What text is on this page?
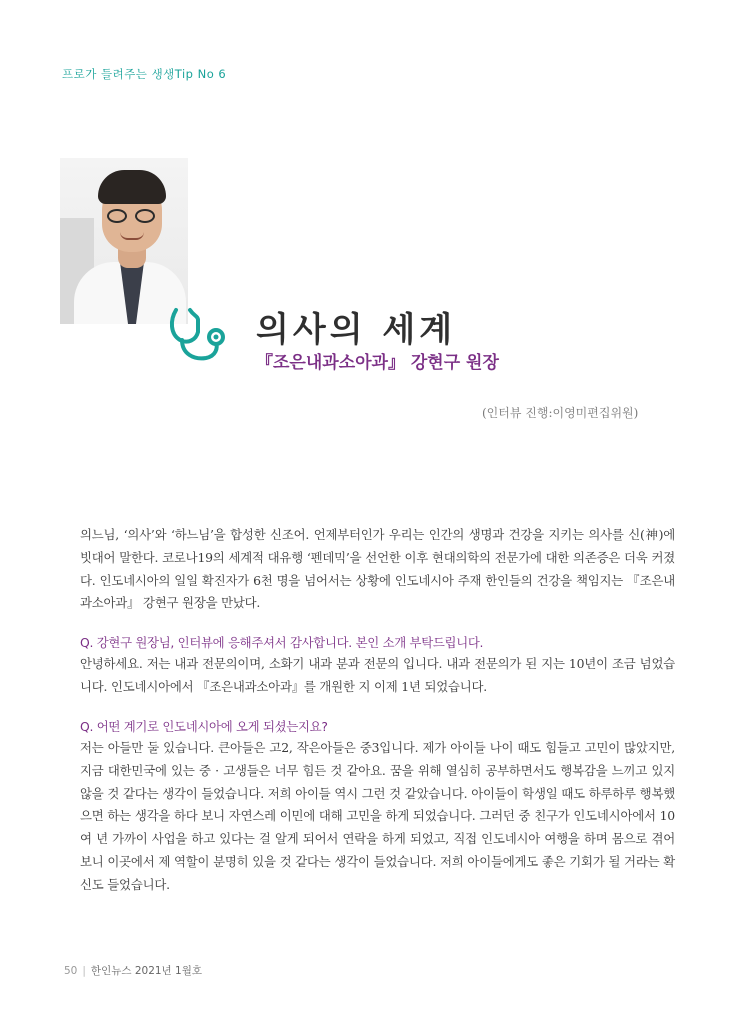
프로가 들려주는 생생Tip No 6
의사의 세계
『조은내과소아과』 강현구 원장
(인터뷰 진행:이영미편집위원)

의느님, ‘의사’와 ‘하느님’을 합성한 신조어. 언제부터인가 우리는 인간의 생명과 건강을 지키는 의사를 신(神)에 빗대어 말한다. 코로나19의 세계적 대유행 ‘펜데믹’을 선언한 이후 현대의학의 전문가에 대한 의존증은 더욱 커졌다. 인도네시아의 일일 확진자가 6천 명을 넘어서는 상황에 인도네시아 주재 한인들의 건강을 책임지는 『조은내과소아과』 강현구 원장을 만났다.

Q. 강현구 원장님, 인터뷰에 응해주셔서 감사합니다. 본인 소개 부탁드립니다.

안녕하세요. 저는 내과 전문의이며, 소화기 내과 분과 전문의 입니다. 내과 전문의가 된 지는 10년이 조금 넘었습니다. 인도네시아에서 『조은내과소아과』를 개원한 지 이제 1년 되었습니다.

Q. 어떤 계기로 인도네시아에 오게 되셨는지요?

저는 아들만 둘 있습니다. 큰아들은 고2, 작은아들은 중3입니다. 제가 아이들 나이 때도 힘들고 고민이 많았지만, 지금 대한민국에 있는 중 · 고생들은 너무 힘든 것 같아요. 꿈을 위해 열심히 공부하면서도 행복감을 느끼고 있지 않을 것 같다는 생각이 들었습니다. 저희 아이들 역시 그런 것 같았습니다. 아이들이 학생일 때도 하루하루 행복했으면 하는 생각을 하다 보니 자연스레 이민에 대해 고민을 하게 되었습니다. 그러던 중 친구가 인도네시아에서 10여 년 가까이 사업을 하고 있다는 걸 알게 되어서 연락을 하게 되었고, 직접 인도네시아 여행을 하며 몸으로 겪어 보니 이곳에서 제 역할이 분명히 있을 것 같다는 생각이 들었습니다. 저희 아이들에게도 좋은 기회가 될 거라는 확신도 들었습니다.

50 | 한인뉴스 2021년 1월호
